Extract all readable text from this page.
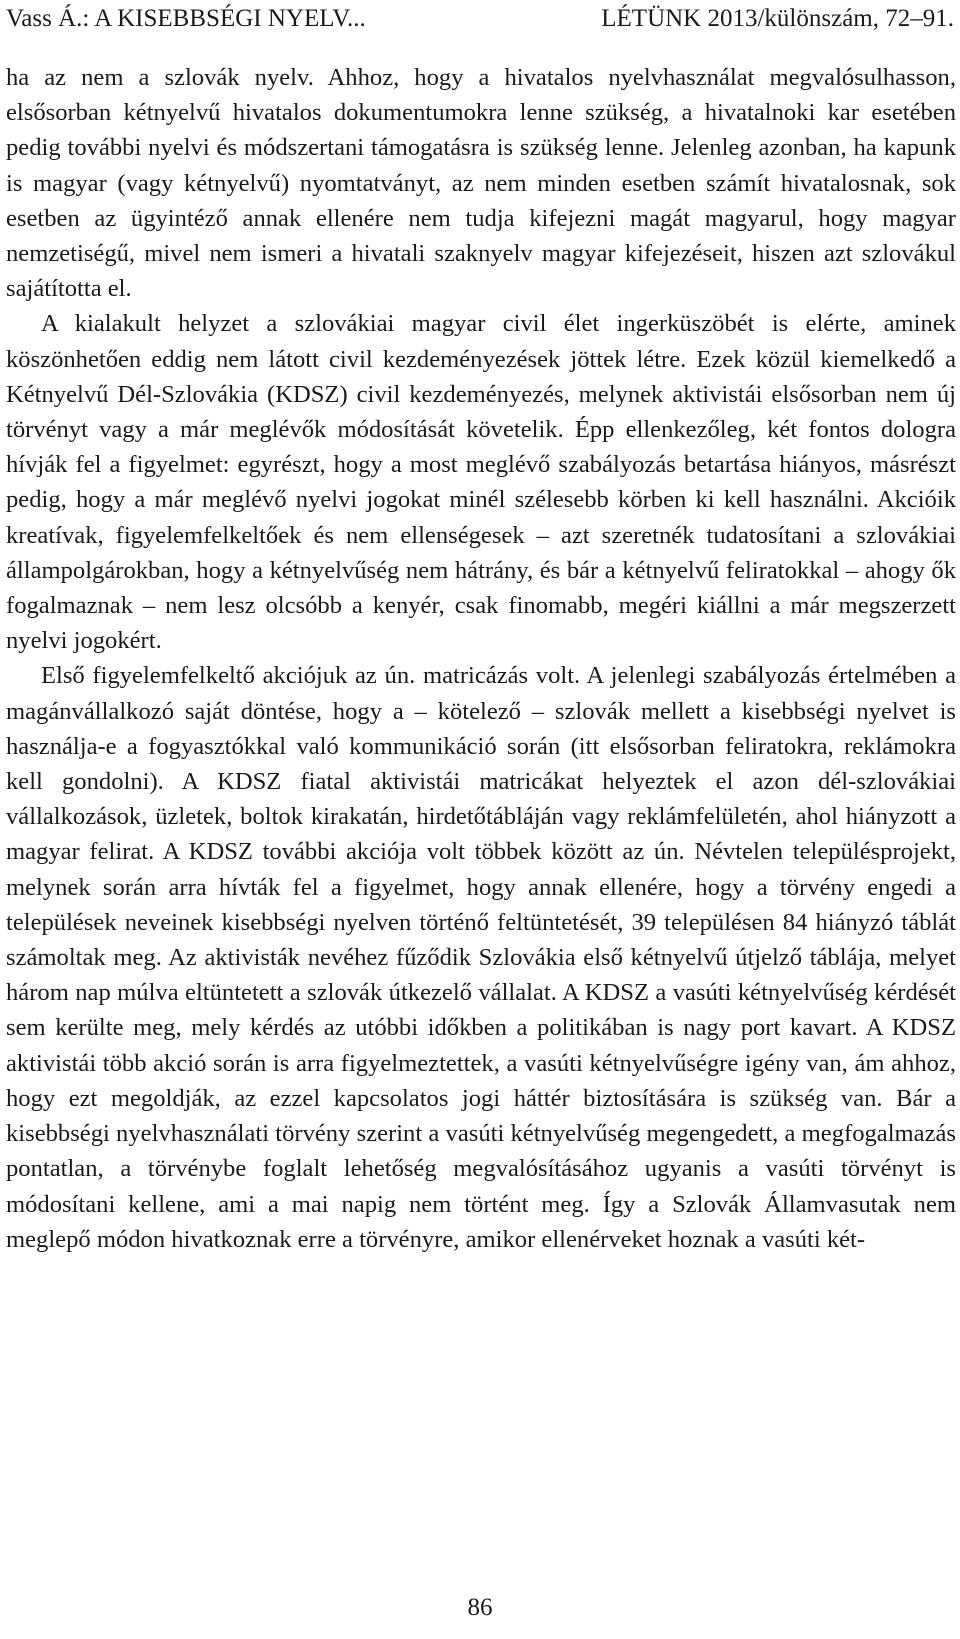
Vass Á.: A KISEBBSÉGI NYELV...	LÉTÜNK 2013/különszám, 72–91.

ha az nem a szlovák nyelv. Ahhoz, hogy a hivatalos nyelvhasználat megvalósulhasson, elsősorban kétnyelvű hivatalos dokumentumokra lenne szükség, a hivatalnoki kar esetében pedig további nyelvi és módszertani támogatásra is szükség lenne. Jelenleg azonban, ha kapunk is magyar (vagy kétnyelvű) nyomtatványt, az nem minden esetben számít hivatalosnak, sok esetben az ügyintéző annak ellenére nem tudja kifejezni magát magyarul, hogy magyar nemzetiségű, mivel nem ismeri a hivatali szaknyelv magyar kifejezéseit, hiszen azt szlovákul sajátította el.

A kialakult helyzet a szlovákiai magyar civil élet ingerküszöbét is elérte, aminek köszönhetően eddig nem látott civil kezdeményezések jöttek létre. Ezek közül kiemelkedő a Kétnyelvű Dél-Szlovákia (KDSZ) civil kezdeményezés, melynek aktivistái elsősorban nem új törvényt vagy a már meglévők módosítását követelik. Épp ellenkezőleg, két fontos dologra hívják fel a figyelmet: egyrészt, hogy a most meglévő szabályozás betartása hiányos, másrészt pedig, hogy a már meglévő nyelvi jogokat minél szélesebb körben ki kell használni. Akcióik kreatívak, figyelemfelkeltőek és nem ellenségesek – azt szeretnék tudatosítani a szlovákiai állampolgárokban, hogy a kétnyelvűség nem hátrány, és bár a kétnyelvű feliratokkal – ahogy ők fogalmaznak – nem lesz olcsóbb a kenyér, csak finomabb, megéri kiállni a már megszerzett nyelvi jogokért.

Első figyelemfelkeltő akciójuk az ún. matricázás volt. A jelenlegi szabályozás értelmében a magánvállalkozó saját döntése, hogy a – kötelező – szlovák mellett a kisebbségi nyelvet is használja-e a fogyasztókkal való kommunikáció során (itt elsősorban feliratokra, reklámokra kell gondolni). A KDSZ fiatal aktivistái matricákat helyeztek el azon dél-szlovákiai vállalkozások, üzletek, boltok kirakatán, hirdetőtábláján vagy reklámfelületén, ahol hiányzott a magyar felirat. A KDSZ további akciója volt többek között az ún. Névtelen településprojekt, melynek során arra hívták fel a figyelmet, hogy annak ellenére, hogy a törvény engedi a települések neveinek kisebbségi nyelven történő feltüntetését, 39 településen 84 hiányzó táblát számoltak meg. Az aktivisták nevéhez fűződik Szlovákia első kétnyelvű útjelző táblája, melyet három nap múlva eltüntetett a szlovák útkezelő vállalat. A KDSZ a vasúti kétnyelvűség kérdését sem kerülte meg, mely kérdés az utóbbi időkben a politikában is nagy port kavart. A KDSZ aktivistái több akció során is arra figyelmeztettek, a vasúti kétnyelvűségre igény van, ám ahhoz, hogy ezt megoldják, az ezzel kapcsolatos jogi háttér biztosítására is szükség van. Bár a kisebbségi nyelvhasználati törvény szerint a vasúti kétnyelvűség megengedett, a megfogalmazás pontatlan, a törvénybe foglalt lehetőség megvalósításához ugyanis a vasúti törvényt is módosítani kellene, ami a mai napig nem történt meg. Így a Szlovák Államvasutak nem meglepő módon hivatkoznak erre a törvényre, amikor ellenérveket hoznak a vasúti két-

86
